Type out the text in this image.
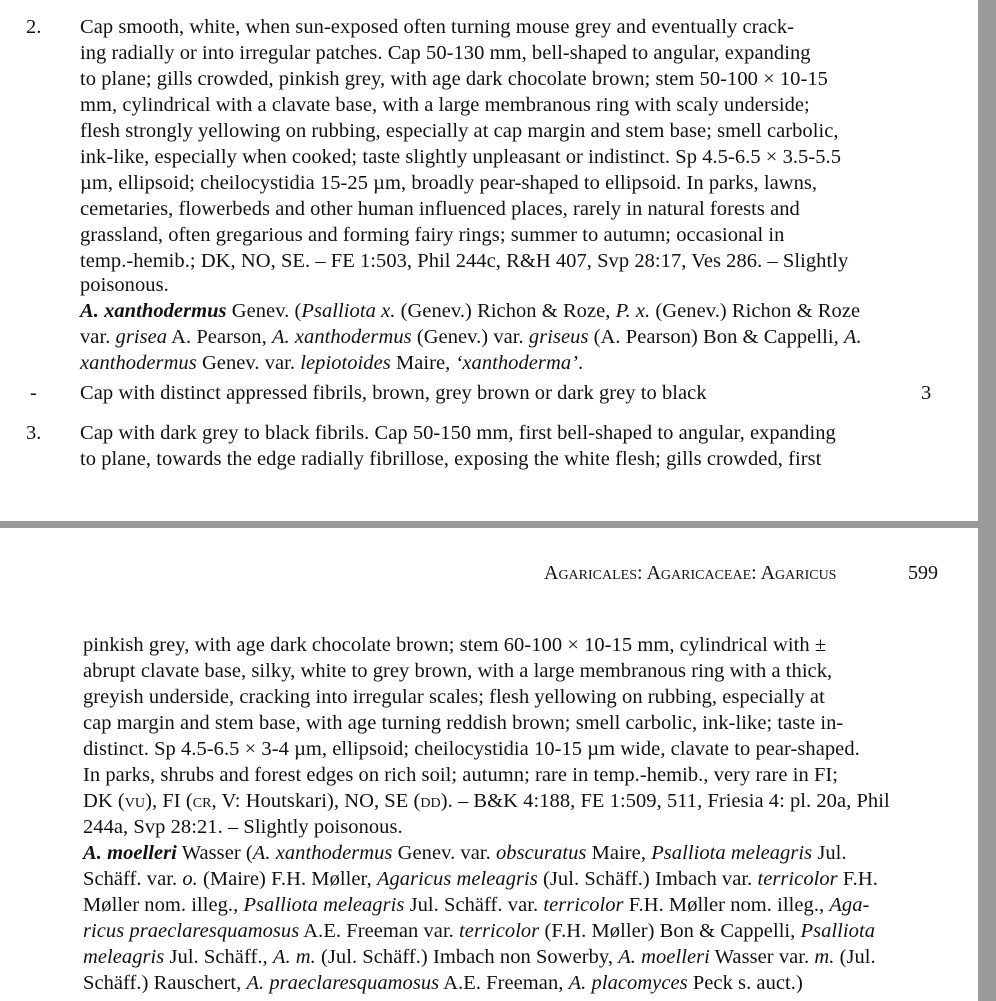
2. Cap smooth, white, when sun-exposed often turning mouse grey and eventually crack-
ing radially or into irregular patches. Cap 50-130 mm, bell-shaped to angular, expanding
to plane; gills crowded, pinkish grey, with age dark chocolate brown; stem 50-100 × 10-15
mm, cylindrical with a clavate base, with a large membranous ring with scaly underside;
flesh strongly yellowing on rubbing, especially at cap margin and stem base; smell carbolic,
ink-like, especially when cooked; taste slightly unpleasant or indistinct. Sp 4.5-6.5 × 3.5-5.5
µm, ellipsoid; cheilocystidia 15-25 µm, broadly pear-shaped to ellipsoid. In parks, lawns,
cemetaries, flowerbeds and other human influenced places, rarely in natural forests and
grassland, often gregarious and forming fairy rings; summer to autumn; occasional in
temp.-hemib.; DK, NO, SE. – FE 1:503, Phil 244c, R&H 407, Svp 28:17, Ves 286. – Slightly
poisonous.
A. xanthodermus Genev. (Psalliota x. (Genev.) Richon & Roze, P. x. (Genev.) Richon & Roze
var. grisea A. Pearson, A. xanthodermus (Genev.) var. griseus (A. Pearson) Bon & Cappelli, A.
xanthodermus Genev. var. lepiotoides Maire, ‘xanthoderma’.
- Cap with distinct appressed fibrils, brown, grey brown or dark grey to black	3
3. Cap with dark grey to black fibrils. Cap 50-150 mm, first bell-shaped to angular, expanding
to plane, towards the edge radially fibrillose, exposing the white flesh; gills crowded, first
Agaricales: Agaricaceae: Agaricus	599
pinkish grey, with age dark chocolate brown; stem 60-100 × 10-15 mm, cylindrical with ±
abrupt clavate base, silky, white to grey brown, with a large membranous ring with a thick,
greyish underside, cracking into irregular scales; flesh yellowing on rubbing, especially at
cap margin and stem base, with age turning reddish brown; smell carbolic, ink-like; taste in-
distinct. Sp 4.5-6.5 × 3-4 µm, ellipsoid; cheilocystidia 10-15 µm wide, clavate to pear-shaped.
In parks, shrubs and forest edges on rich soil; autumn; rare in temp.-hemib., very rare in FI;
DK (vu), FI (cr, V: Houtskari), NO, SE (dd). – B&K 4:188, FE 1:509, 511, Friesia 4: pl. 20a, Phil
244a, Svp 28:21. – Slightly poisonous.
A. moelleri Wasser (A. xanthodermus Genev. var. obscuratus Maire, Psalliota meleagris Jul.
Schäff. var. o. (Maire) F.H. Møller, Agaricus meleagris (Jul. Schäff.) Imbach var. terricolor F.H.
Møller nom. illeg., Psalliota meleagris Jul. Schäff. var. terricolor F.H. Møller nom. illeg., Aga-
ricus praeclaresquamosus A.E. Freeman var. terricolor (F.H. Møller) Bon & Cappelli, Psalliota
meleagris Jul. Schäff., A. m. (Jul. Schäff.) Imbach non Sowerby, A. moelleri Wasser var. m. (Jul.
Schäff.) Rauschert, A. praeclaresquamosus A.E. Freeman, A. placomyces Peck s. auct.)
